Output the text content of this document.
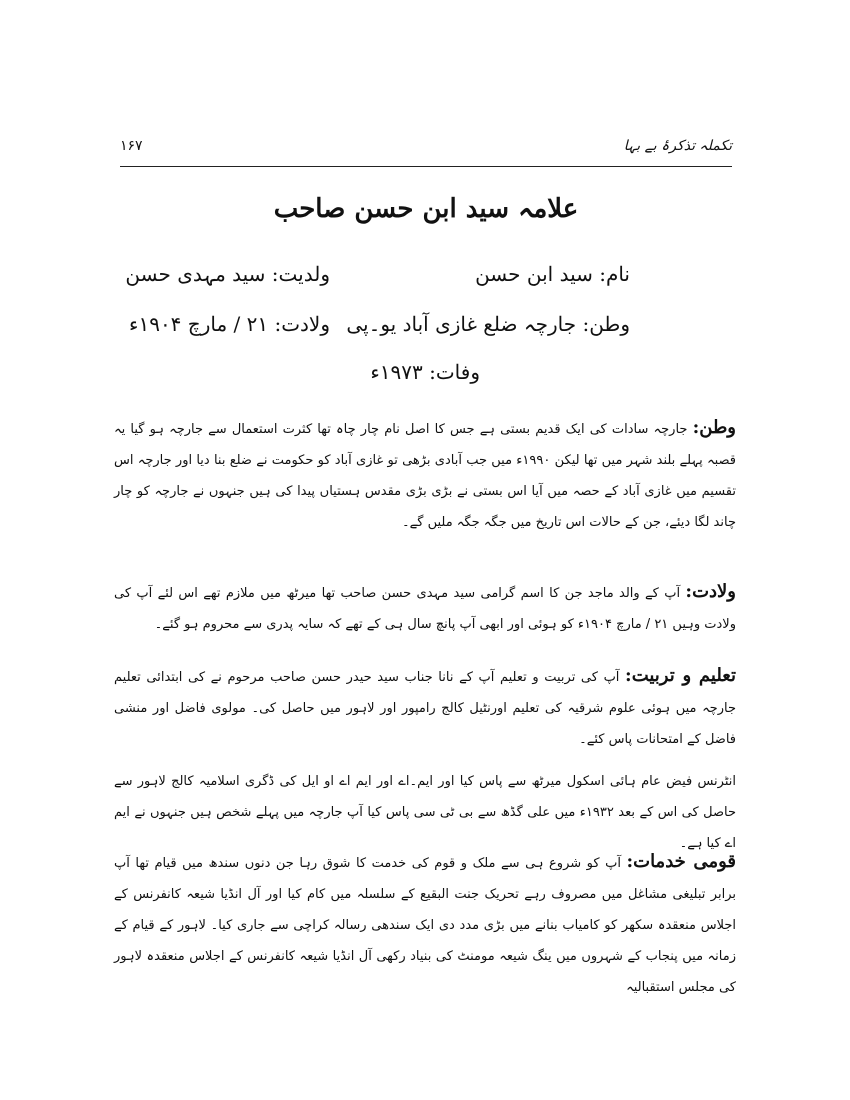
تکملہ تذکرۂ بے بہا
۱۶۷
علامہ سید ابن حسن صاحب
نام: سید ابن حسن
ولدیت: سید مہدی حسن
وطن: جارچہ ضلع غازی آباد یو۔پی
ولادت: ۲۱ / مارچ ۱۹۰۴ء
وفات: ۱۹۷۳ء
وطن: جارچہ سادات کی ایک قدیم بستی ہے جس کا اصل نام چار چاہ تھا کثرت استعمال سے جارچہ ہو گیا یہ قصبہ پہلے بلند شہر میں تھا لیکن ۱۹۹۰ء میں جب آبادی بڑھی تو غازی آباد کو حکومت نے ضلع بنا دیا اور جارچہ اس تقسیم میں غازی آباد کے حصہ میں آیا اس بستی نے بڑی بڑی مقدس ہستیاں پیدا کی ہیں جنہوں نے جارچہ کو چار چاند لگا دیئے، جن کے حالات اس تاریخ میں جگہ جگہ ملیں گے۔
ولادت: آپ کے والد ماجد جن کا اسم گرامی سید مہدی حسن صاحب تھا میرٹھ میں ملازم تھے اس لئے آپ کی ولادت وہیں ۲۱ / مارچ ۱۹۰۴ء کو ہوئی اور ابھی آپ پانچ سال ہی کے تھے کہ سایہ پدری سے محروم ہو گئے۔
تعلیم و تربیت: آپ کی تربیت و تعلیم آپ کے نانا جناب سید حیدر حسن صاحب مرحوم نے کی ابتدائی تعلیم جارچہ میں ہوئی علوم شرقیہ کی تعلیم اورنٹیل کالج رامپور اور لاہور میں حاصل کی۔ مولوی فاضل اور منشی فاضل کے امتحانات پاس کئے۔
انٹرنس فیض عام ہائی اسکول میرٹھ سے پاس کیا اور ایم۔اے اور ایم اے او ایل کی ڈگری اسلامیہ کالج لاہور سے حاصل کی اس کے بعد ۱۹۳۲ء میں علی گڈھ سے بی ٹی سی پاس کیا آپ جارچہ میں پہلے شخص ہیں جنہوں نے ایم اے کیا ہے۔
قومی خدمات: آپ کو شروع ہی سے ملک و قوم کی خدمت کا شوق رہا جن دنوں سندھ میں قیام تھا آپ برابر تبلیغی مشاغل میں مصروف رہے تحریک جنت البقیع کے سلسلہ میں کام کیا اور آل انڈیا شیعہ کانفرنس کے اجلاس منعقدہ سکھر کو کامیاب بنانے میں بڑی مدد دی ایک سندھی رسالہ کراچی سے جاری کیا۔ لاہور کے قیام کے زمانہ میں پنجاب کے شہروں میں ینگ شیعہ مومنٹ کی بنیاد رکھی آل انڈیا شیعہ کانفرنس کے اجلاس منعقدہ لاہور کی مجلس استقبالیہ
